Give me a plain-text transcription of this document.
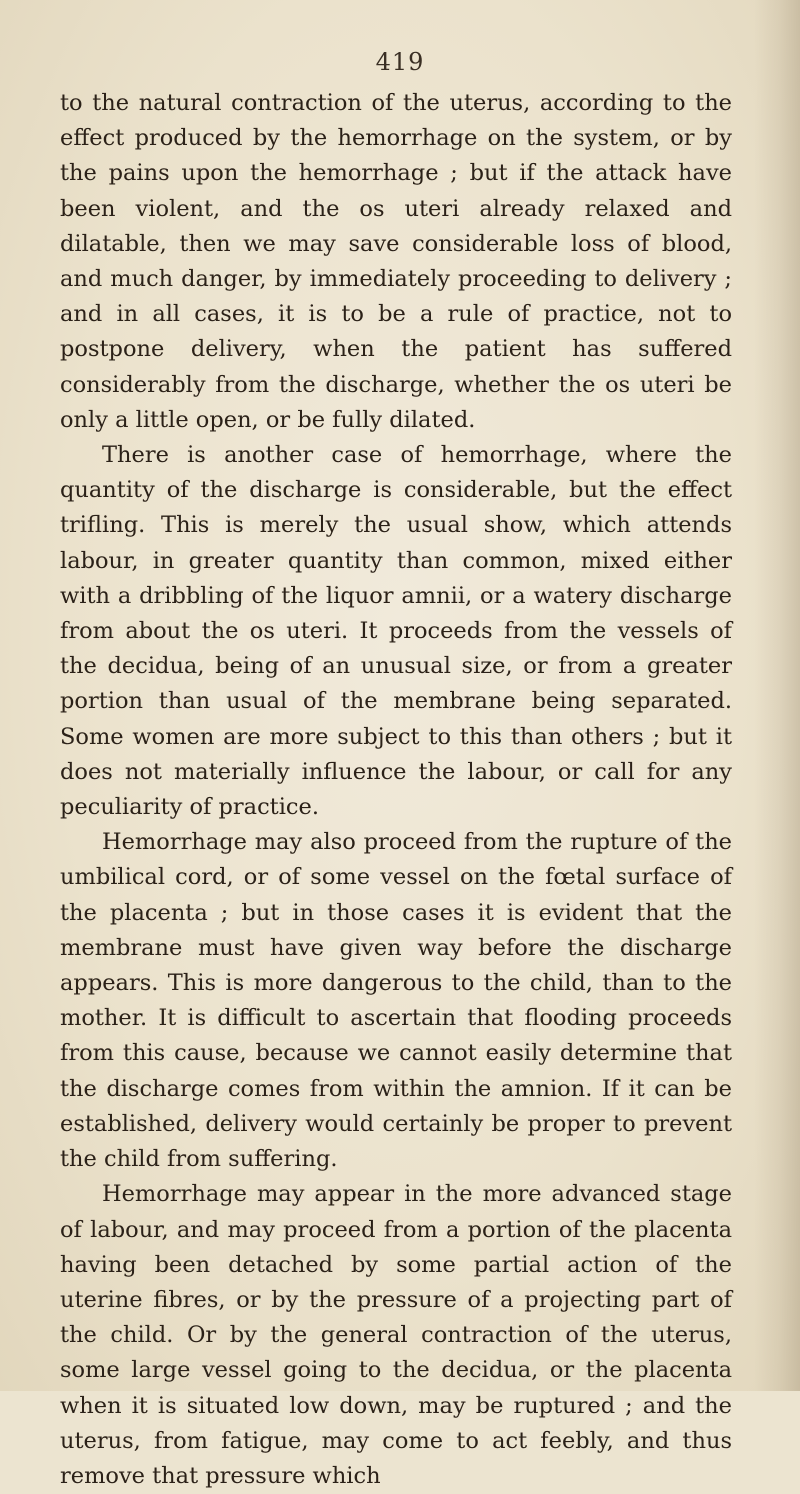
419

to the natural contraction of the uterus, according to the effect produced by the hemorrhage on the system, or by the pains upon the hemorrhage ; but if the attack have been violent, and the os uteri already relaxed and dilatable, then we may save considerable loss of blood, and much danger, by immediately proceeding to delivery ; and in all cases, it is to be a rule of practice, not to postpone delivery, when the patient has suffered considerably from the discharge, whether the os uteri be only a little open, or be fully dilated.

There is another case of hemorrhage, where the quantity of the discharge is considerable, but the effect trifling. This is merely the usual show, which attends labour, in greater quantity than common, mixed either with a dribbling of the liquor amnii, or a watery discharge from about the os uteri. It proceeds from the vessels of the decidua, being of an unusual size, or from a greater portion than usual of the membrane being separated. Some women are more subject to this than others ; but it does not materially influence the labour, or call for any peculiarity of practice.

Hemorrhage may also proceed from the rupture of the umbilical cord, or of some vessel on the fœtal surface of the placenta ; but in those cases it is evident that the membrane must have given way before the discharge appears. This is more dangerous to the child, than to the mother. It is difficult to ascertain that flooding proceeds from this cause, because we cannot easily determine that the discharge comes from within the amnion. If it can be established, delivery would certainly be proper to prevent the child from suffering.

Hemorrhage may appear in the more advanced stage of labour, and may proceed from a portion of the placenta having been detached by some partial action of the uterine fibres, or by the pressure of a projecting part of the child. Or by the general contraction of the uterus, some large vessel going to the decidua, or the placenta when it is situated low down, may be ruptured ; and the uterus, from fatigue, may come to act feebly, and thus remove that pressure which
